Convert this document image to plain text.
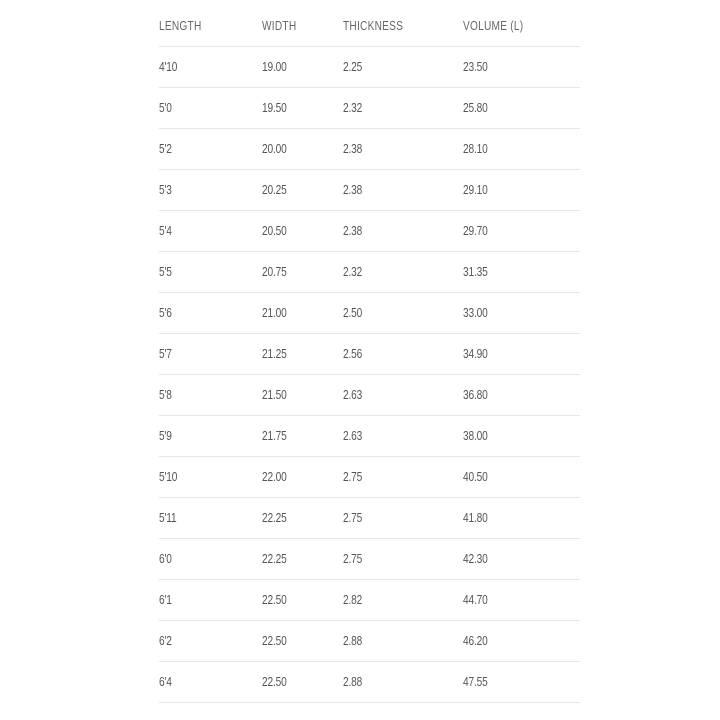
LENGTH	WIDTH	THICKNESS	VOLUME (L)
4'10	19.00	2.25	23.50
5'0	19.50	2.32	25.80
5'2	20.00	2.38	28.10
5'3	20.25	2.38	29.10
5'4	20.50	2.38	29.70
5'5	20.75	2.32	31.35
5'6	21.00	2.50	33.00
5'7	21.25	2.56	34.90
5'8	21.50	2.63	36.80
5'9	21.75	2.63	38.00
5'10	22.00	2.75	40.50
5'11	22.25	2.75	41.80
6'0	22.25	2.75	42.30
6'1	22.50	2.82	44.70
6'2	22.50	2.88	46.20
6'4	22.50	2.88	47.55
